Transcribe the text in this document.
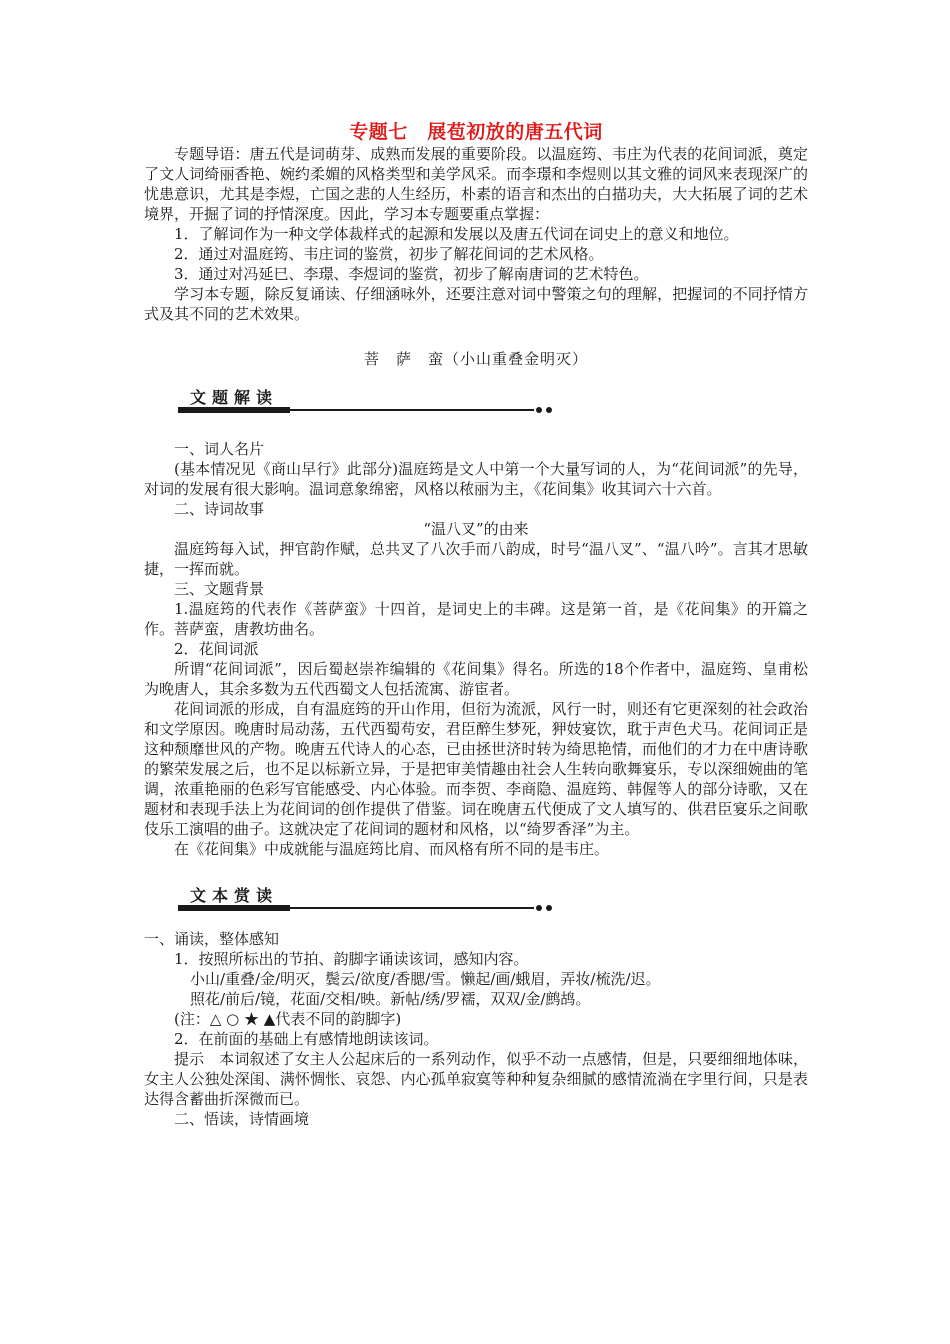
专题七　展苞初放的唐五代词

专题导语：唐五代是词萌芽、成熟而发展的重要阶段。以温庭筠、韦庄为代表的花间词派，奠定了文人词绮丽香艳、婉约柔媚的风格类型和美学风采。而李璟和李煜则以其文雅的词风来表现深广的忧患意识，尤其是李煜，亡国之悲的人生经历，朴素的语言和杰出的白描功夫，大大拓展了词的艺术境界，开掘了词的抒情深度。因此，学习本专题要重点掌握：

1．了解词作为一种文学体裁样式的起源和发展以及唐五代词在词史上的意义和地位。

2．通过对温庭筠、韦庄词的鉴赏，初步了解花间词的艺术风格。

3．通过对冯延巳、李璟、李煜词的鉴赏，初步了解南唐词的艺术特色。

学习本专题，除反复诵读、仔细涵咏外，还要注意对词中警策之句的理解，把握词的不同抒情方式及其不同的艺术效果。

菩　萨　蛮（小山重叠金明灭）
文题解读

一、词人名片

(基本情况见《商山早行》此部分)温庭筠是文人中第一个大量写词的人，为“花间词派”的先导，对词的发展有很大影响。温词意象绵密，风格以秾丽为主，《花间集》收其词六十六首。

二、诗词故事

“温八叉”的由来

温庭筠每入试，押官韵作赋，总共叉了八次手而八韵成，时号“温八叉”、“温八吟”。言其才思敏捷，一挥而就。

三、文题背景

1.温庭筠的代表作《菩萨蛮》十四首，是词史上的丰碑。这是第一首，是《花间集》的开篇之作。菩萨蛮，唐教坊曲名。

2．花间词派

所谓“花间词派”，因后蜀赵崇祚编辑的《花间集》得名。所选的18个作者中，温庭筠、皇甫松为晚唐人，其余多数为五代西蜀文人包括流寓、游宦者。

花间词派的形成，自有温庭筠的开山作用，但衍为流派，风行一时，则还有它更深刻的社会政治和文学原因。晚唐时局动荡，五代西蜀苟安，君臣醉生梦死，狎妓宴饮，耽于声色犬马。花间词正是这种颓靡世风的产物。晚唐五代诗人的心态，已由拯世济时转为绮思艳情，而他们的才力在中唐诗歌的繁荣发展之后，也不足以标新立异，于是把审美情趣由社会人生转向歌舞宴乐，专以深细婉曲的笔调，浓重艳丽的色彩写官能感受、内心体验。而李贺、李商隐、温庭筠、韩偓等人的部分诗歌，又在题材和表现手法上为花间词的创作提供了借鉴。词在晚唐五代便成了文人填写的、供君臣宴乐之间歌伎乐工演唱的曲子。这就决定了花间词的题材和风格，以“绮罗香泽”为主。

在《花间集》中成就能与温庭筠比肩、而风格有所不同的是韦庄。

文本赏读

一、诵读，整体感知

1．按照所标出的节拍、韵脚字诵读该词，感知内容。

小山/重叠/金/明灭，鬓云/欲度/香腮/雪。懒起/画/蛾眉，弄妆/梳洗/迟。

照花/前后/镜，花面/交相/映。新帖/绣/罗襦，双双/金/鹧鸪。

(注：△ ○ ★ ▲代表不同的韵脚字)

2．在前面的基础上有感情地朗读该词。

提示　本词叙述了女主人公起床后的一系列动作，似乎不动一点感情，但是，只要细细地体味，女主人公独处深闺、满怀惆怅、哀怨、内心孤单寂寞等种种复杂细腻的感情流淌在字里行间，只是表达得含蓄曲折深微而已。

二、悟读，诗情画境
